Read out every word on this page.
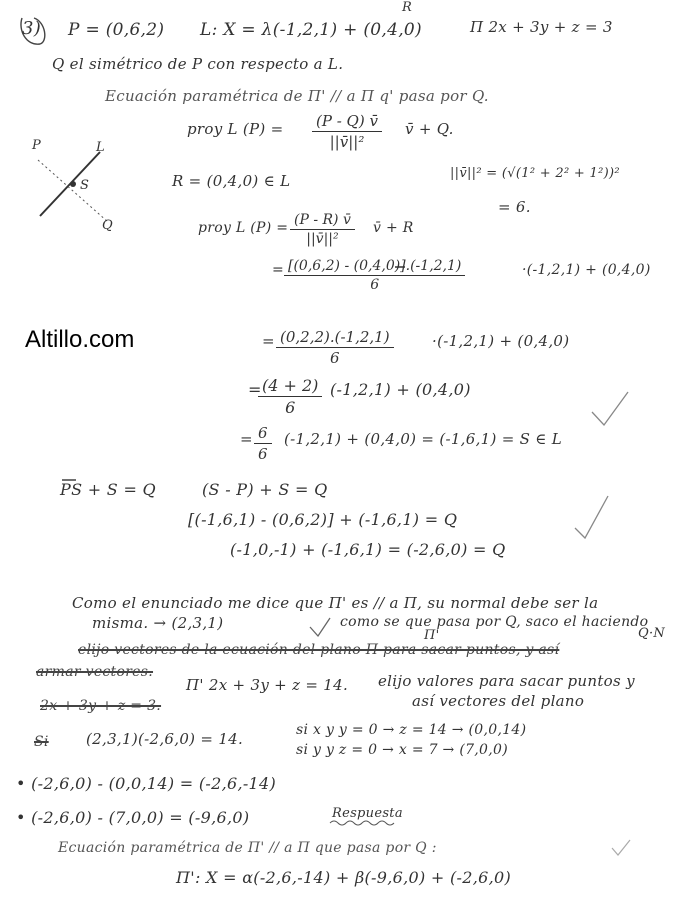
3) P = (0,6,2) L: X = λ(-1,2,1) + (0,4,0)
R
Π 2x + 3y + z = 3
Q el simétrico de P con respecto a L.
Ecuación paramétrica de Π' // a Π q' pasa por Q.
proy L $(P) = \frac{(P - Q) v̄}{\text{||v̄||²}}$ v̄ + Q.
P	L
S
Q
R = (0,4,0) ∈ L	||v̄||² = (√(1² + 2² + 1²))²
= 6.
proy L $(P) = \frac{(P - R) v̄}{\text{||v̄||²}}$ v̄ + R
= $\frac{[(0,6,2) - (0,4,0)].(-1,2,1)}{6}$	·(-1,2,1) + (0,4,0)
Altillo.com	= $\frac{(0,2,2).(-1,2,1)}{6}$	·(-1,2,1) + (0,4,0)
=
$\frac{(4 + 2)}{6} (-1,2,1) + (0,4,0)$
= $\frac{6}{6} (-1,2,1) + (0,4,0) = (-1,6,1) = S$ ∈ L
PS + S = Q	(S - P) + S = Q
[(-1,6,1) - (0,6,2)] + (-1,6,1) = Q
(-1,0,-1) + (-1,6,1) = (-2,6,0) = Q
Como el enunciado me dice que Π' es // a Π, su normal debe ser la
misma. → (2,3,1)	como se que pasa por Q, saco el haciendo
Π'	Q·N
elijo vectores de la ecuación del plano Π para sacar puntos, y así
armar vectores.
Π' 2x + 3y + z = 14. elijo valores para sacar puntos y
así vectores del plano
2x + 3y + z = 3.
Si (2,3,1)(-2,6,0) = 14.	si x y y = 0 → z = 14 → (0,0,14)
si y y z = 0 → x = 7 → (7,0,0)
• (-2,6,0) - (0,0,14) = (-2,6,-14)
• (-2,6,0) - (7,0,0) = (-9,6,0)	Respuesta
Ecuación paramétrica de Π' // a Π que pasa por Q :
Π': X = α(-2,6,-14) + β(-9,6,0) + (-2,6,0)
